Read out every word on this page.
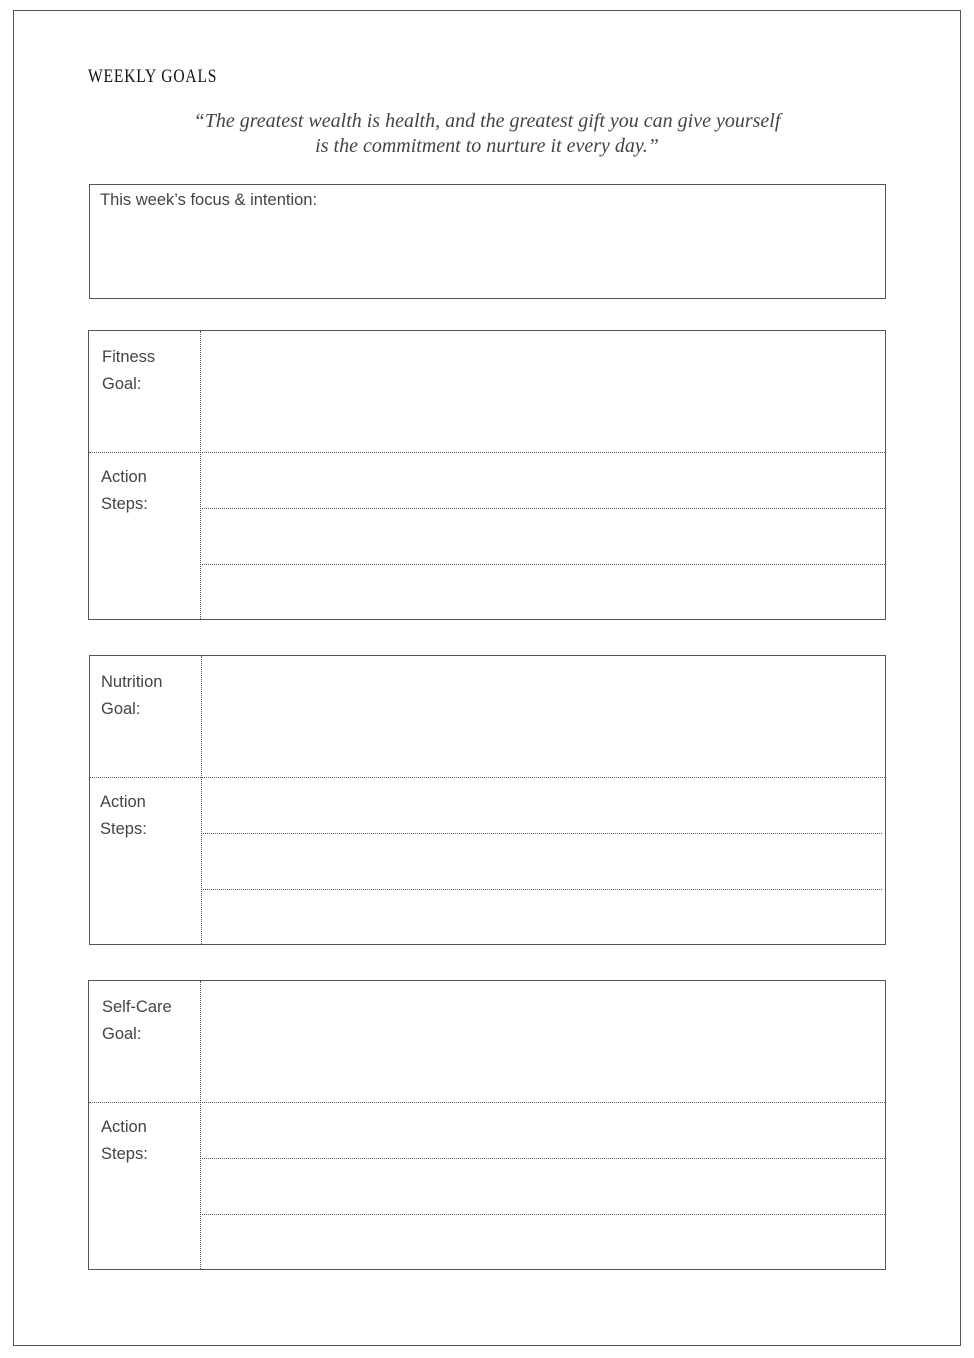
WEEKLY GOALS
“The greatest wealth is health, and the greatest gift you can give yourself
is the commitment to nurture it every day.”
This week’s focus & intention:
Fitness
Goal:
Action
Steps:
Nutrition
Goal:
Action
Steps:
Self-Care
Goal:
Action
Steps:
